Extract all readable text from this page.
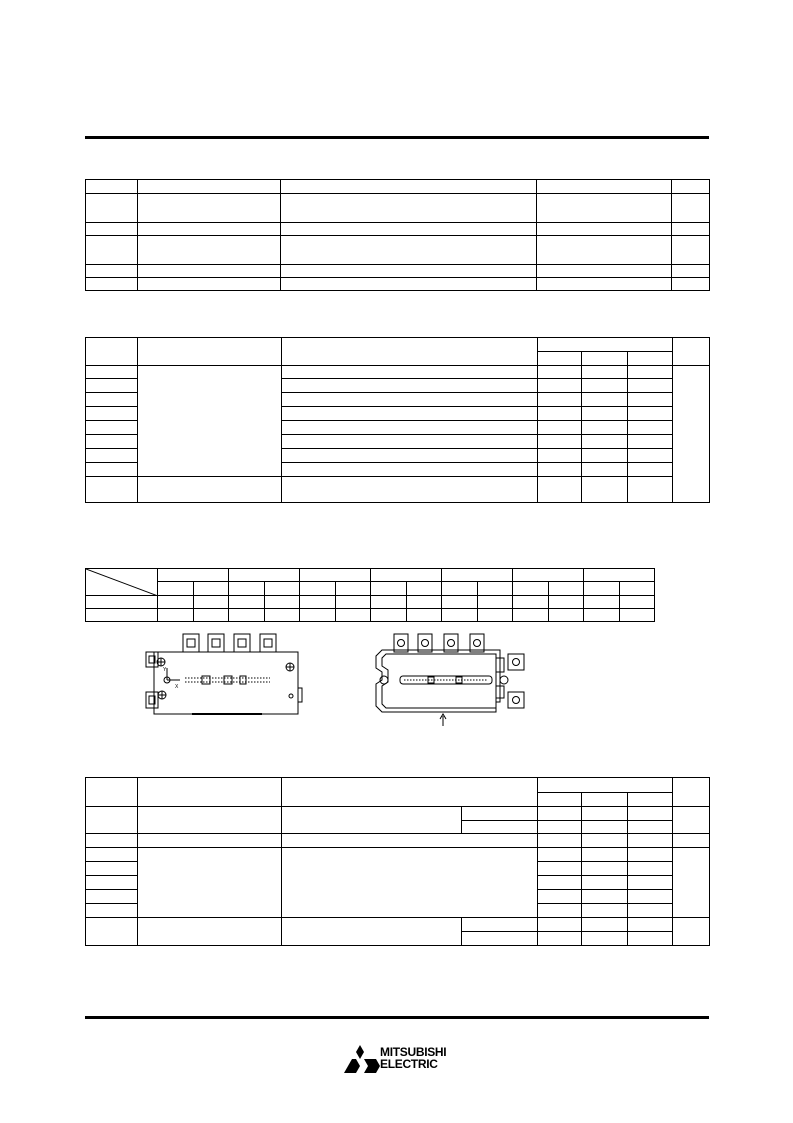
Y
X

MITSUBISHI
ELECTRIC
